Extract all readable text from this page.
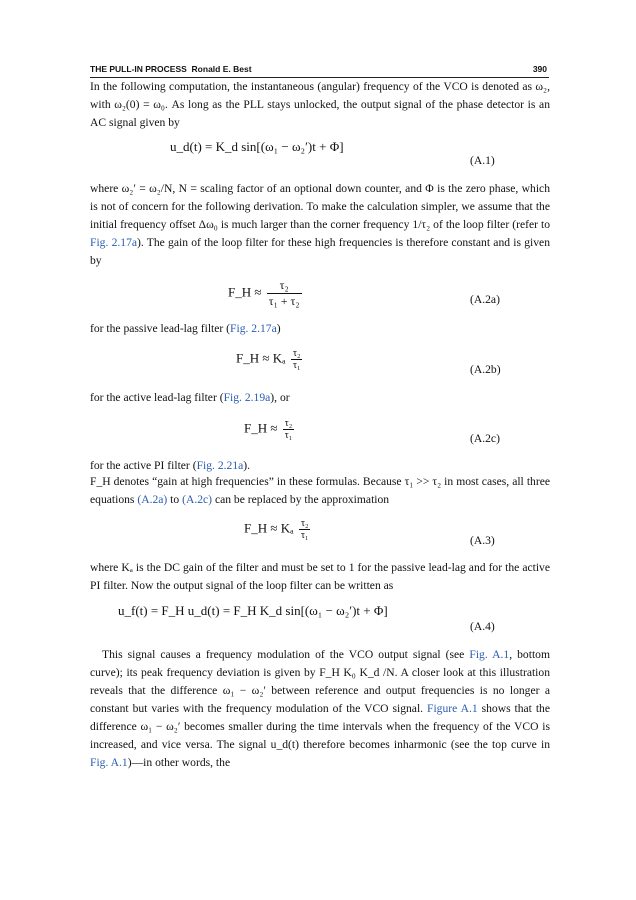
THE PULL-IN PROCESS Ronald E. Best	390
In the following computation, the instantaneous (angular) frequency of the VCO is denoted as ω₂, with ω₂(0) = ω₀. As long as the PLL stays unlocked, the output signal of the phase detector is an AC signal given by
u_d(t) = K_d sin[(ω₁ − ω₂′)t + Φ]
(A.1)
where ω₂′ = ω₂/N, N = scaling factor of an optional down counter, and Φ is the zero phase, which is not of concern for the following derivation. To make the calculation simpler, we assume that the initial frequency offset Δω₀ is much larger than the corner frequency 1/τ₂ of the loop filter (refer to Fig. 2.17a). The gain of the loop filter for these high frequencies is therefore constant and is given by
F_H ≈ $\frac{\text{τ₂}}{\text{τ₁ + τ₂}}$	(A.2a)
for the passive lead-lag filter (Fig. 2.17a)
F_H ≈ Kₐ $\frac{\text{τ₂}}{\text{τ₁}}$	(A.2b)
for the active lead-lag filter (Fig. 2.19a), or
F_H ≈ $\frac{\text{τ₂}}{\text{τ₁}}$	(A.2c)
for the active PI filter (Fig. 2.21a).
F_H denotes “gain at high frequencies” in these formulas. Because τ₁ >> τ₂ in most cases, all three equations (A.2a) to (A.2c) can be replaced by the approximation
F_H ≈ Kₐ $\frac{\text{τ₂}}{\text{τ₁}}$	(A.3)
where Kₐ is the DC gain of the filter and must be set to 1 for the passive lead-lag and for the active PI filter. Now the output signal of the loop filter can be written as
u_f(t) = F_H u_d(t) = F_H K_d sin[(ω₁ − ω₂′)t + Φ]
(A.4)
This signal causes a frequency modulation of the VCO output signal (see Fig. A.1, bottom curve); its peak frequency deviation is given by F_H K₀ K_d /N. A closer look at this illustration reveals that the difference ω₁ − ω₂′ between reference and output frequencies is no longer a constant but varies with the frequency modulation of the VCO signal. Figure A.1 shows that the difference ω₁ − ω₂′ becomes smaller during the time intervals when the frequency of the VCO is increased, and vice versa. The signal u_d(t) therefore becomes inharmonic (see the top curve in Fig. A.1)—in other words, the
